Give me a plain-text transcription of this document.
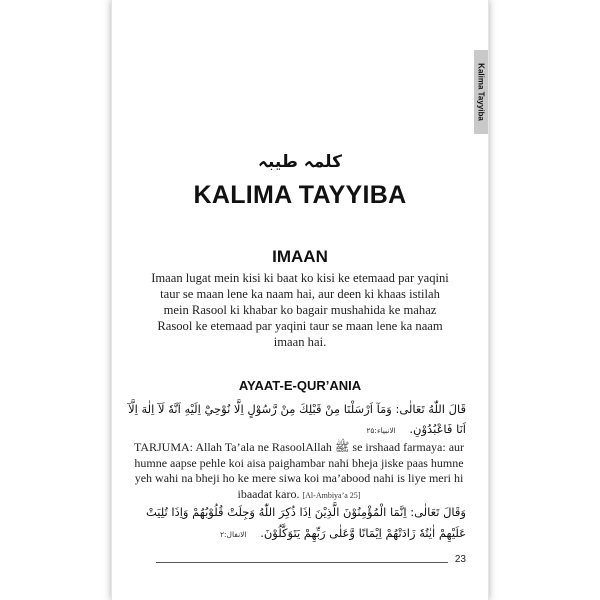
Kalima Tayyiba
کلمہ طیبہ
KALIMA TAYYIBA
IMAAN
Imaan lugat mein kisi ki baat ko kisi ke etemaad par yaqini taur se maan lene ka naam hai, aur deen ki khaas istilah mein Rasool ki khabar ko bagair mushahida ke mahaz Rasool ke etemaad par yaqini taur se maan lene ka naam imaan hai.
AYAAT-E-QUR’ANIA
قَالَ اللّٰهُ تَعَالٰى: وَمَآ اَرْسَلْنَا مِنْ قَبْلِكَ مِنْ رَّسُوْلٍ اِلَّا نُوْحِيْٓ اِلَيْهِ اَنَّهٗ لَآ اِلٰهَ اِلَّآ
اَنَا فَاعْبُدُوْنِ. الانبیاء:۲۵
TARJUMA: Allah Ta’ala ne RasoolAllah ﷺ se irshaad farmaya: aur humne aapse pehle koi aisa paighambar nahi bheja jiske paas humne yeh wahi na bheji ho ke mere siwa koi ma’abood nahi is liye meri hi ibaadat karo. [Al-Ambiya’a 25]
وَقَالَ تَعَالٰى: اِنَّمَا الْمُؤْمِنُوْنَ الَّذِيْنَ اِذَا ذُكِرَ اللّٰهُ وَجِلَتْ قُلُوْبُهُمْ وَاِذَا تُلِيَتْ
عَلَيْهِمْ اٰيٰتُهٗ زَادَتْهُمْ اِيْمَانًا وَّعَلٰى رَبِّهِمْ يَتَوَكَّلُوْنَ. الانفال:۲
23
